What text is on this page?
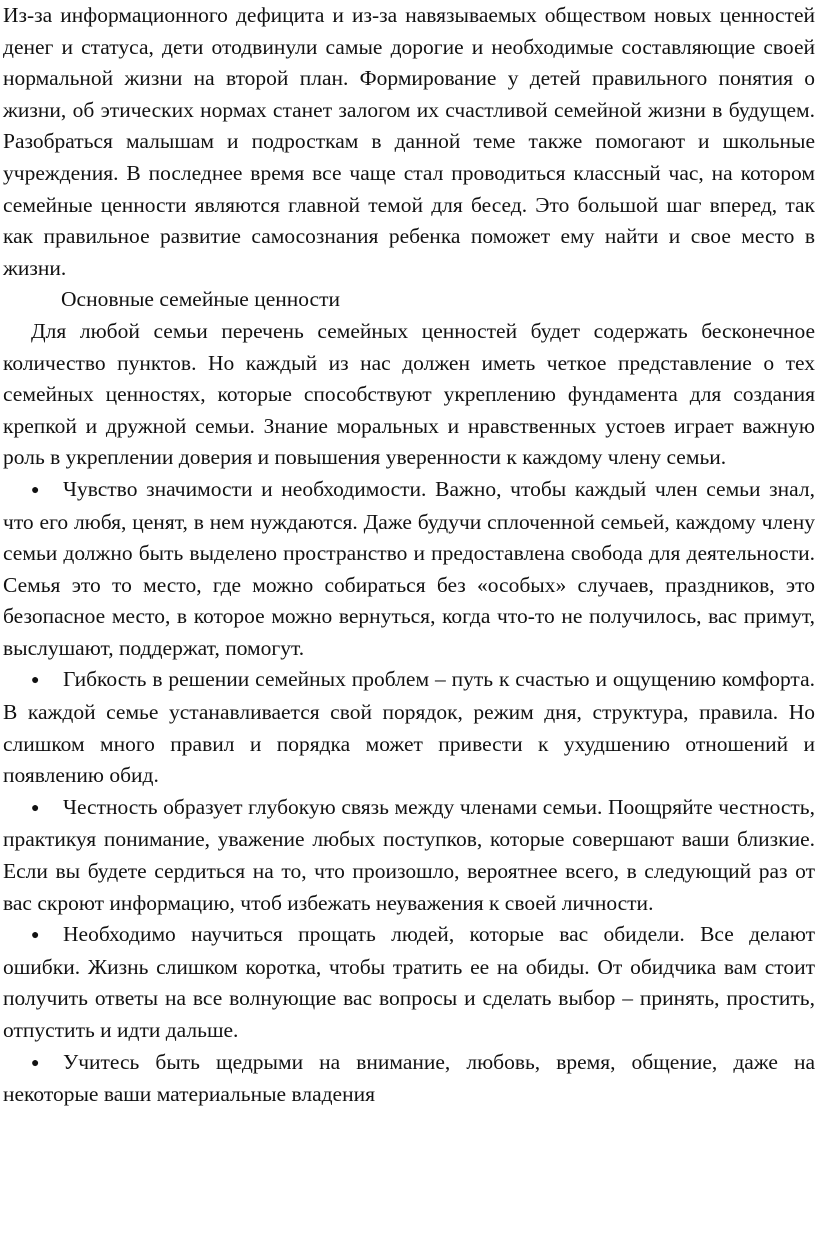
Из-за информационного дефицита и из-за навязываемых обществом новых ценностей денег и статуса, дети отодвинули самые дорогие и необходимые составляющие своей нормальной жизни на второй план. Формирование у детей правильного понятия о жизни, об этических нормах станет залогом их счастливой семейной жизни в будущем. Разобраться малышам и подросткам в данной теме также помогают и школьные учреждения. В последнее время все чаще стал проводиться классный час, на котором семейные ценности являются главной темой для бесед. Это большой шаг вперед, так как правильное развитие самосознания ребенка поможет ему найти и свое место в жизни.

Основные семейные ценности

Для любой семьи перечень семейных ценностей будет содержать бесконечное количество пунктов. Но каждый из нас должен иметь четкое представление о тех семейных ценностях, которые способствуют укреплению фундамента для создания крепкой и дружной семьи. Знание моральных и нравственных устоев играет важную роль в укреплении доверия и повышения уверенности к каждому члену семьи.

● Чувство значимости и необходимости. Важно, чтобы каждый член семьи знал, что его любя, ценят, в нем нуждаются. Даже будучи сплоченной семьей, каждому члену семьи должно быть выделено пространство и предоставлена свобода для деятельности. Семья это то место, где можно собираться без «особых» случаев, праздников, это безопасное место, в которое можно вернуться, когда что-то не получилось, вас примут, выслушают, поддержат, помогут.

● Гибкость в решении семейных проблем – путь к счастью и ощущению комфорта. В каждой семье устанавливается свой порядок, режим дня, структура, правила. Но слишком много правил и порядка может привести к ухудшению отношений и появлению обид.

● Честность образует глубокую связь между членами семьи. Поощряйте честность, практикуя понимание, уважение любых поступков, которые совершают ваши близкие. Если вы будете сердиться на то, что произошло, вероятнее всего, в следующий раз от вас скроют информацию, чтоб избежать неуважения к своей личности.

● Необходимо научиться прощать людей, которые вас обидели. Все делают ошибки. Жизнь слишком коротка, чтобы тратить ее на обиды. От обидчика вам стоит получить ответы на все волнующие вас вопросы и сделать выбор – принять, простить, отпустить и идти дальше.

● Учитесь быть щедрыми на внимание, любовь, время, общение, даже на некоторые ваши материальные владения
